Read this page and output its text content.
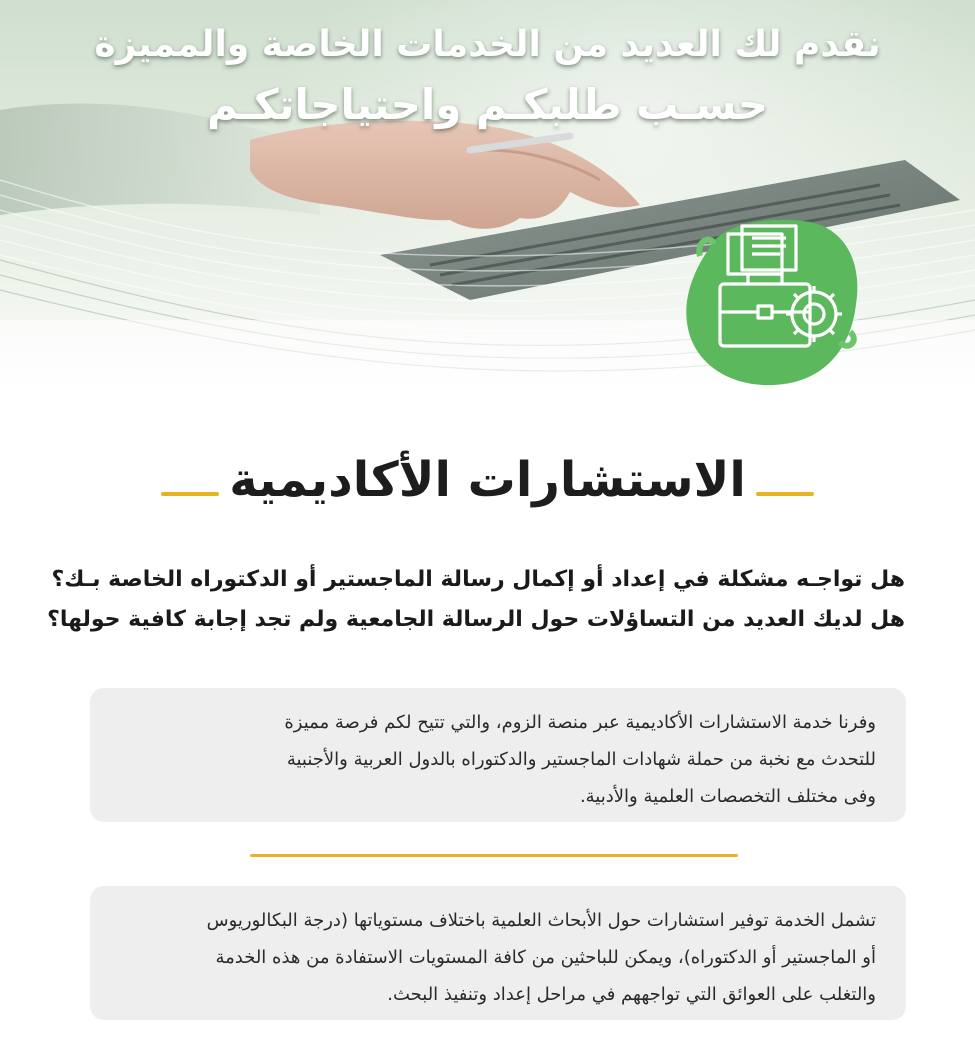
نقدم لك العديد من الخدمات الخاصة والمميزة
حسـب طلبكـم واحتياجاتكـم
الاستشارات الأكاديمية
هل تواجـه مشكلة في إعداد أو إكمال رسالة الماجستير أو الدكتوراه الخاصة بـك؟
هل لديك العديد من التساؤلات حول الرسالة الجامعية ولم تجد إجابة كافية حولها؟

وفرنا خدمة الاستشارات الأكاديمية عبر منصة الزوم، والتي تتيح لكم فرصة مميزة

للتحدث مع نخبة من حملة شهادات الماجستير والدكتوراه بالدول العربية والأجنبية

وفى مختلف التخصصات العلمية والأدبية.

تشمل الخدمة توفير استشارات حول الأبحاث العلمية باختلاف مستوياتها (درجة البكالوريوس

أو الماجستير أو الدكتوراه)، ويمكن للباحثين من كافة المستويات الاستفادة من هذه الخدمة

والتغلب على العوائق التي تواجههم في مراحل إعداد وتنفيذ البحث.
